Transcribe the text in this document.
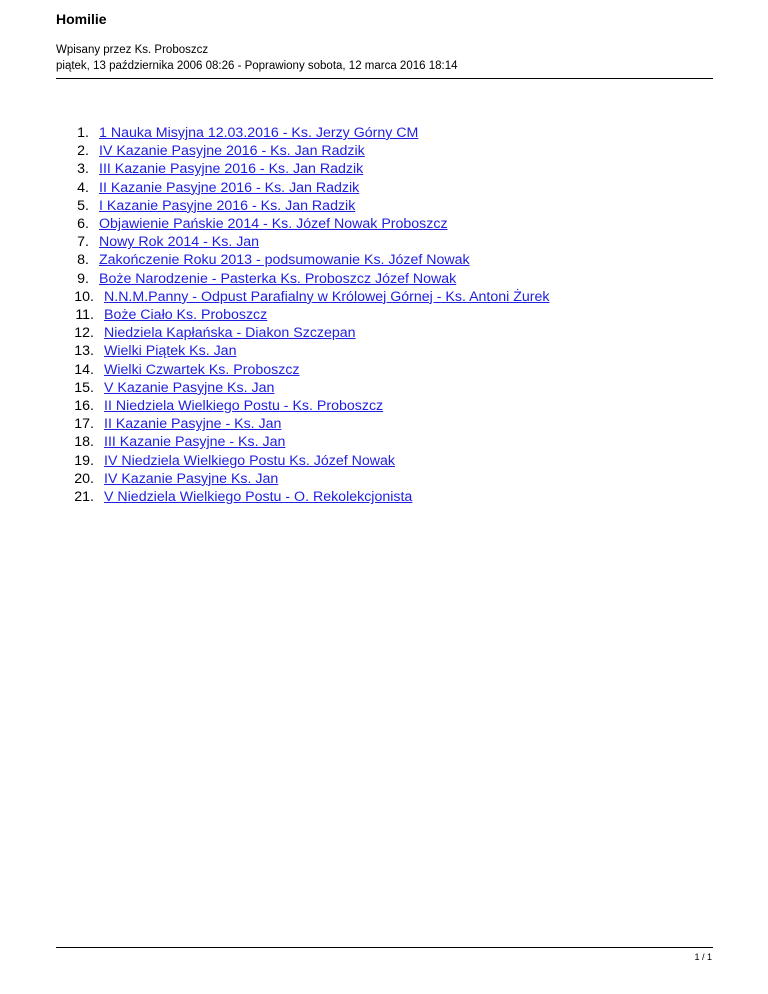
Homilie
Wpisany przez Ks. Proboszcz
piątek, 13 października 2006 08:26 - Poprawiony sobota, 12 marca 2016 18:14
1. 1 Nauka Misyjna 12.03.2016 - Ks. Jerzy Górny CM
2. IV Kazanie Pasyjne 2016 - Ks. Jan Radzik
3. III Kazanie Pasyjne 2016 - Ks. Jan Radzik
4. II Kazanie Pasyjne 2016 - Ks. Jan Radzik
5. I Kazanie Pasyjne 2016 - Ks. Jan Radzik
6. Objawienie Pańskie 2014 - Ks. Józef Nowak Proboszcz
7. Nowy Rok 2014 - Ks. Jan
8. Zakończenie Roku 2013 - podsumowanie Ks. Józef Nowak
9. Boże Narodzenie - Pasterka Ks. Proboszcz Józef Nowak
10. N.N.M.Panny - Odpust Parafialny w Królowej Górnej - Ks. Antoni Żurek
11. Boże Ciało Ks. Proboszcz
12. Niedziela Kapłańska - Diakon Szczepan
13. Wielki Piątek Ks. Jan
14. Wielki Czwartek Ks. Proboszcz
15. V Kazanie Pasyjne Ks. Jan
16. II Niedziela Wielkiego Postu - Ks. Proboszcz
17. II Kazanie Pasyjne - Ks. Jan
18. III Kazanie Pasyjne - Ks. Jan
19. IV Niedziela Wielkiego Postu Ks. Józef Nowak
20. IV Kazanie Pasyjne Ks. Jan
21. V Niedziela Wielkiego Postu - O. Rekolekcjonista
1 / 1
